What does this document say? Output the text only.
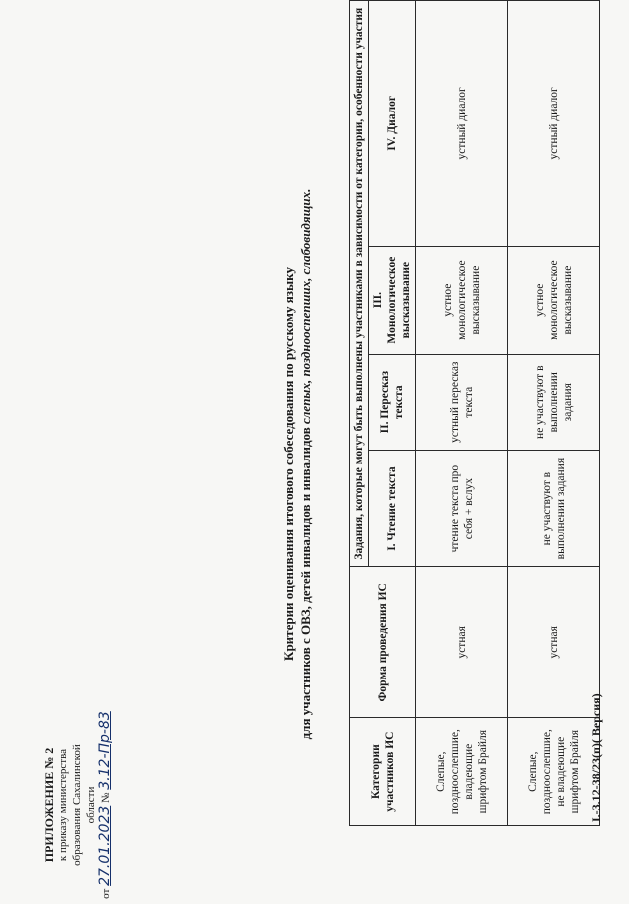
ПРИЛОЖЕНИЕ № 2 к приказу министерства образования Сахалинской области
от 27.01.2023 № 3.12-Пр-83
Критерии оценивания итогового собеседования по русскому языку для участников с ОВЗ, детей инвалидов и инвалидов слепых, позднооспепших, слабовидящих.
Категории участников ИС	Форма проведения ИС	Задания, которые могут быть выполнены участниками в зависимости от категории, особенности участия			
		I. Чтение текста	II. Пересказ текста	III. Монологическое высказывание	IV. Диалог
Слепые, поздноослепшие, владеющие шрифтом Брайля	устная	чтение текста про себя + вслух	устный пересказ текста	устное монологическое высказывание	устный диалог
Слепые, поздноослепшие, не владеющие шрифтом Брайля	устная	не участвуют в выполнении задания	не участвуют в выполнении задания	устное монологическое высказывание	устный диалог
I.-3.12-38/23(п)( Версия)
